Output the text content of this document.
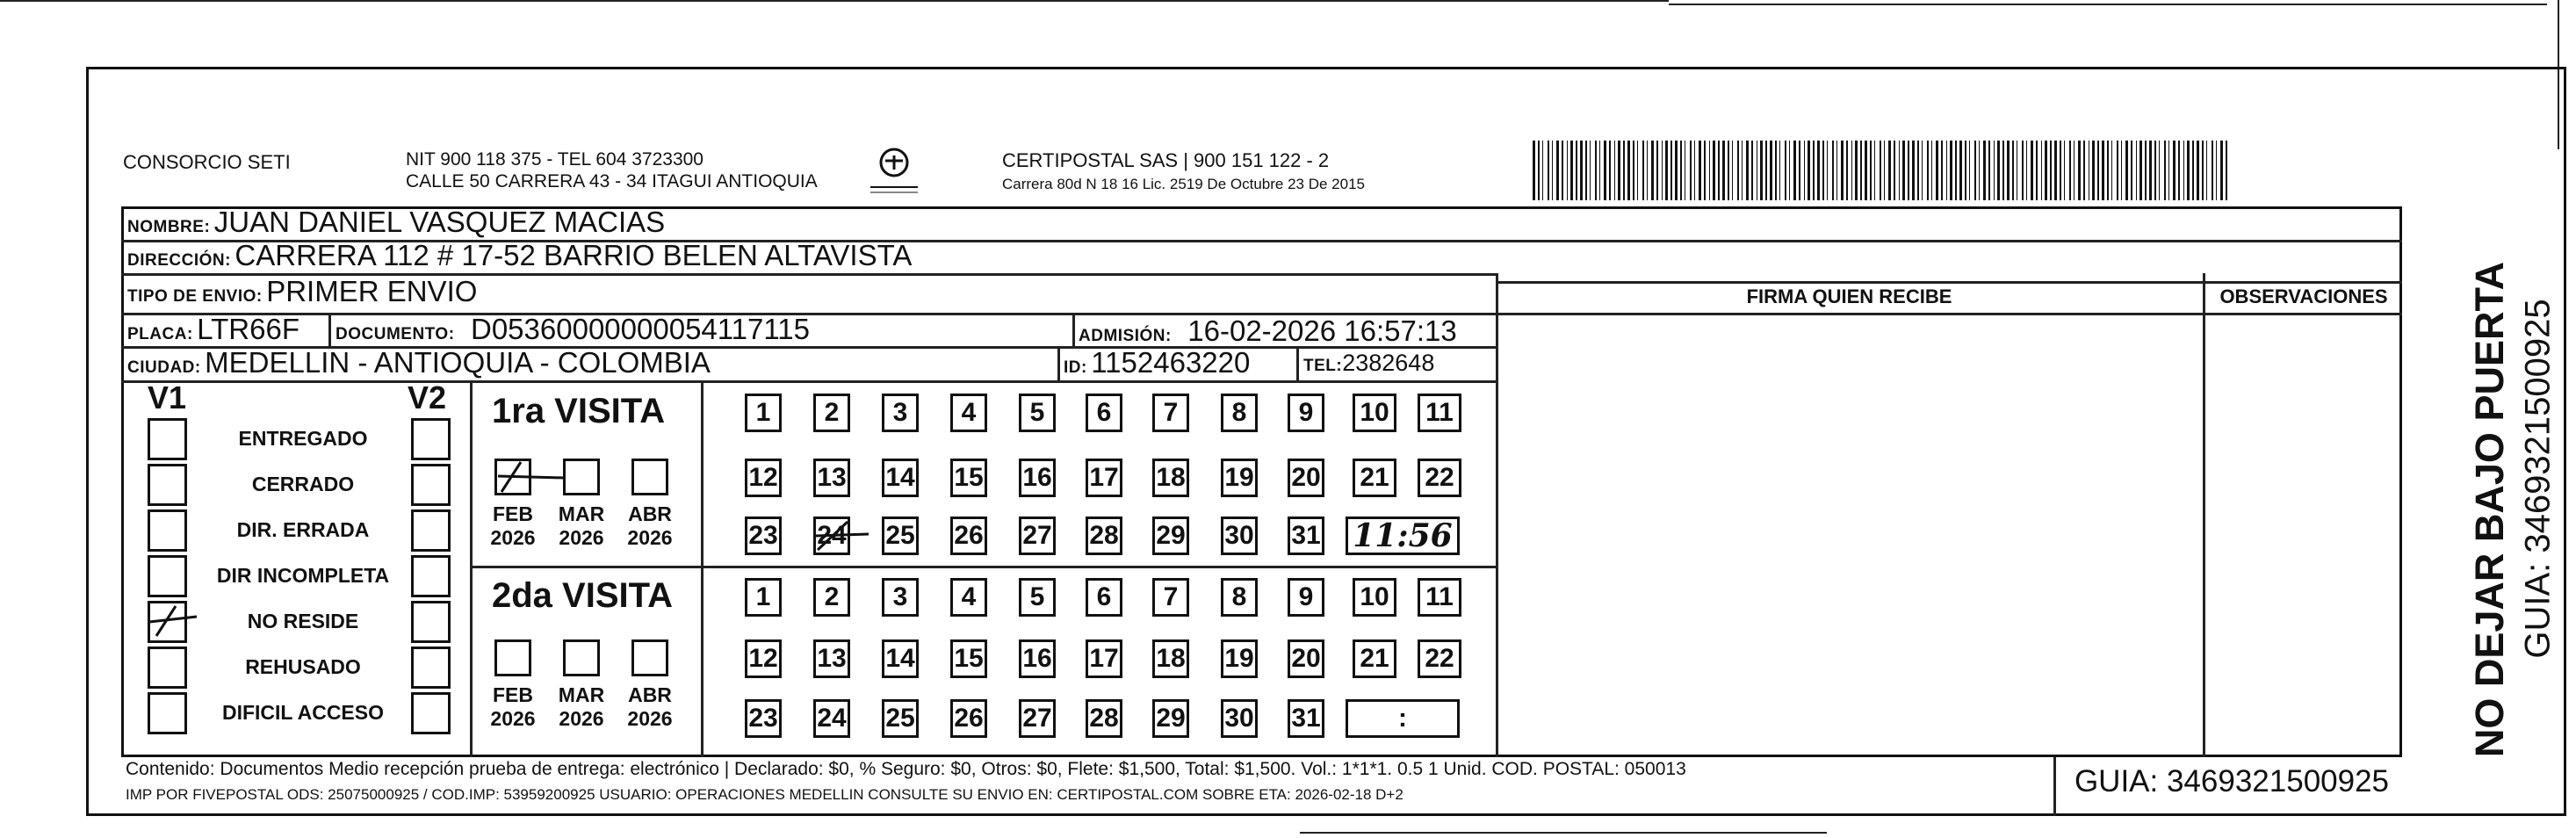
CONSORCIO SETI	NIT 900 118 375 - TEL 604 3723300
CALLE 50 CARRERA 43 - 34 ITAGUI ANTIOQUIA
CERTIPOSTAL SAS | 900 151 122 - 2
Carrera 80d N 18 16 Lic. 2519 De Octubre 23 De 2015
NOMBRE: JUAN DANIEL VASQUEZ MACIAS
DIRECCIÓN: CARRERA 112 # 17-52 BARRIO BELEN ALTAVISTA
TIPO DE ENVIO: PRIMER ENVIO
PLACA: LTR66F DOCUMENTO: D05360000000054117115	ADMISIÓN: 16-02-2026 16:57:13
CIUDAD: MEDELLIN - ANTIOQUIA - COLOMBIA	ID: 1152463220	TEL:2382648
FIRMA QUIEN RECIBE	OBSERVACIONES
V1	V2
ENTREGADO
CERRADO
DIR. ERRADA
DIR INCOMPLETA
NO RESIDE
REHUSADO
DIFICIL ACCESO
1ra VISITA
2da VISITA
FEB
2026
MAR
2026
ABR
2026
1	2	3	4	5	6	7	8	9	10	11
12 13 14 15 16 17 18 19 20 21 22
23 24 25 26 27 28 29 30 31 11:56
FEB
2026
MAR
2026
ABR
2026
1	2	3	4	5	6	7	8	9	10	11
12 13 14 15 16 17 18 19 20 21 22
23 24 25 26 27 28 29 30 31	:
Contenido: Documentos Medio recepción prueba de entrega: electrónico | Declarado: $0, % Seguro: $0, Otros: $0, Flete: $1,500, Total: $1,500. Vol.: 1*1*1. 0.5 1 Unid. COD. POSTAL: 050013
IMP POR FIVEPOSTAL ODS: 25075000925 / COD.IMP: 53959200925 USUARIO: OPERACIONES MEDELLIN CONSULTE SU ENVIO EN: CERTIPOSTAL.COM SOBRE ETA: 2026-02-18 D+2	GUIA: 3469321500925
NO DEJAR BAJO PUERTA GUIA: 3469321500925
